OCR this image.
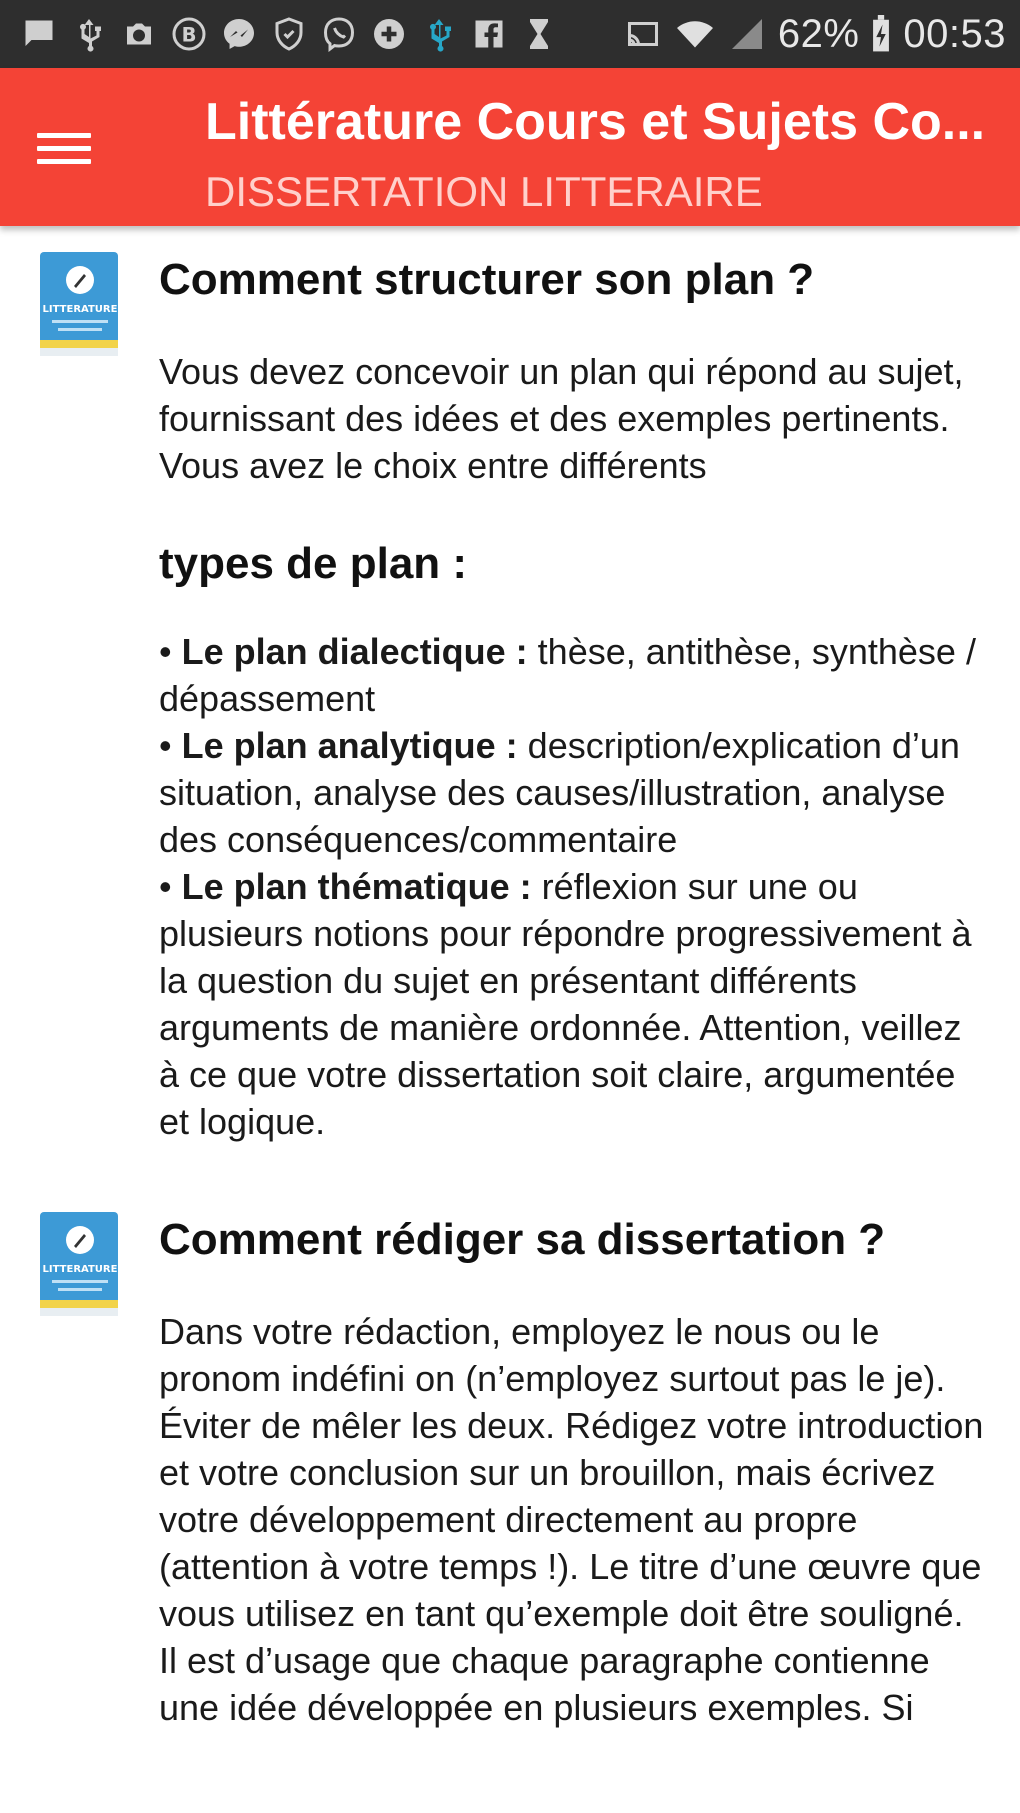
B	62% 00:53
Littérature Cours et Sujets Co...
DISSERTATION LITTERAIRE
LITTERATURE
Comment structurer son plan ?

Vous devez concevoir un plan qui répond au sujet, fournissant des idées et des exemples pertinents. Vous avez le choix entre différents

types de plan :

• Le plan dialectique : thèse, antithèse, synthèse / dépassement

• Le plan analytique : description/explication d’un situation, analyse des causes/illustration, analyse des conséquences/commentaire

• Le plan thématique : réflexion sur une ou plusieurs notions pour répondre progressivement à la question du sujet en présentant différents arguments de manière ordonnée. Attention, veillez à ce que votre dissertation soit claire, argumentée et logique.

LITTERATURE
Comment rédiger sa dissertation ?

Dans votre rédaction, employez le nous ou le pronom indéfini on (n’employez surtout pas le je).

Éviter de mêler les deux. Rédigez votre introduction et votre conclusion sur un brouillon, mais écrivez votre développement directement au propre (attention à votre temps !). Le titre d’une œuvre que vous utilisez en tant qu’exemple doit être souligné. Il est d’usage que chaque paragraphe contienne une idée développée en plusieurs exemples. Si
